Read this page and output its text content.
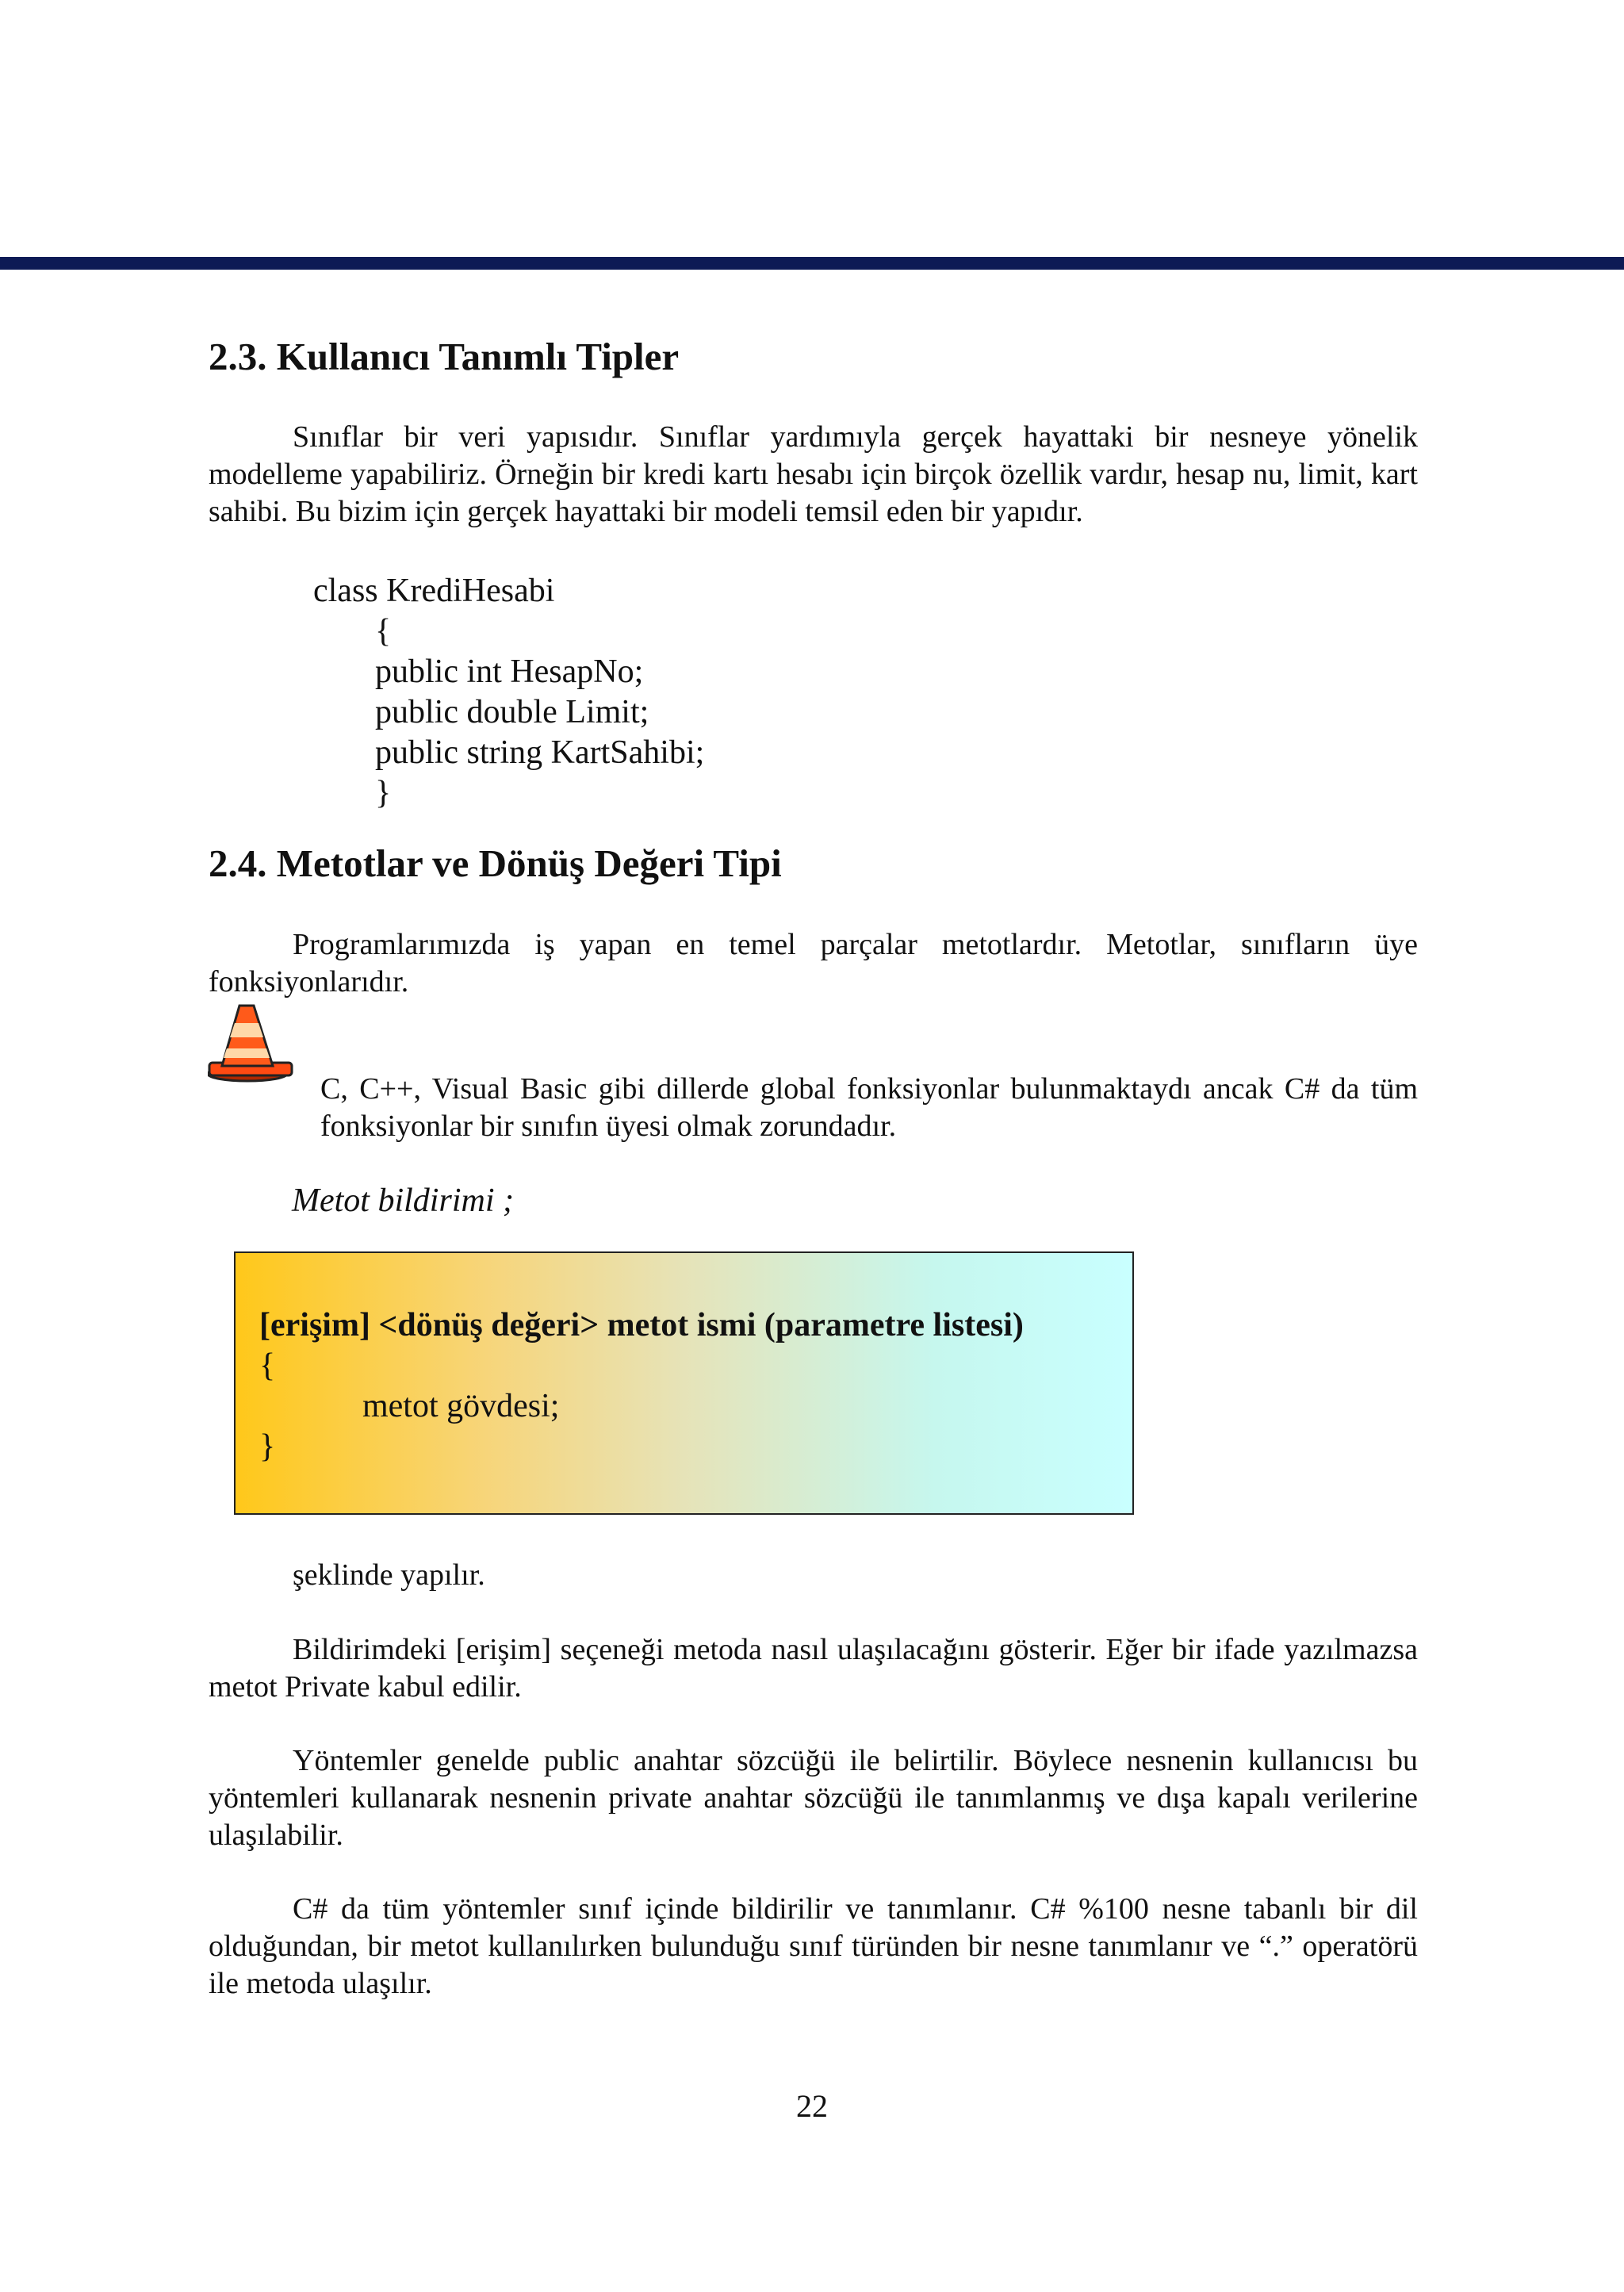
2.3. Kullanıcı Tanımlı Tipler

Sınıflar bir veri yapısıdır. Sınıflar yardımıyla gerçek hayattaki bir nesneye yönelik modelleme yapabiliriz. Örneğin bir kredi kartı hesabı için birçok özellik vardır, hesap nu, limit, kart sahibi. Bu bizim için gerçek hayattaki bir modeli temsil eden bir yapıdır.

class KrediHesabi
{
public int HesapNo;
public double Limit;
public string KartSahibi;
}
2.4. Metotlar ve Dönüş Değeri Tipi

Programlarımızda iş yapan en temel parçalar metotlardır. Metotlar, sınıfların üye fonksiyonlarıdır.

C, C++, Visual Basic gibi dillerde global fonksiyonlar bulunmaktaydı ancak C# da tüm fonksiyonlar bir sınıfın üyesi olmak zorundadır.

Metot bildirimi ;

[erişim] <dönüş değeri> metot ismi (parametre listesi)
{
metot gövdesi;
}

şeklinde yapılır.

Bildirimdeki [erişim] seçeneği metoda nasıl ulaşılacağını gösterir. Eğer bir ifade yazılmazsa metot Private kabul edilir.

Yöntemler genelde public anahtar sözcüğü ile belirtilir. Böylece nesnenin kullanıcısı bu yöntemleri kullanarak nesnenin private anahtar sözcüğü ile tanımlanmış ve dışa kapalı verilerine ulaşılabilir.

C# da tüm yöntemler sınıf içinde bildirilir ve tanımlanır. C# %100 nesne tabanlı bir dil olduğundan, bir metot kullanılırken bulunduğu sınıf türünden bir nesne tanımlanır ve “.” operatörü ile metoda ulaşılır.

22
